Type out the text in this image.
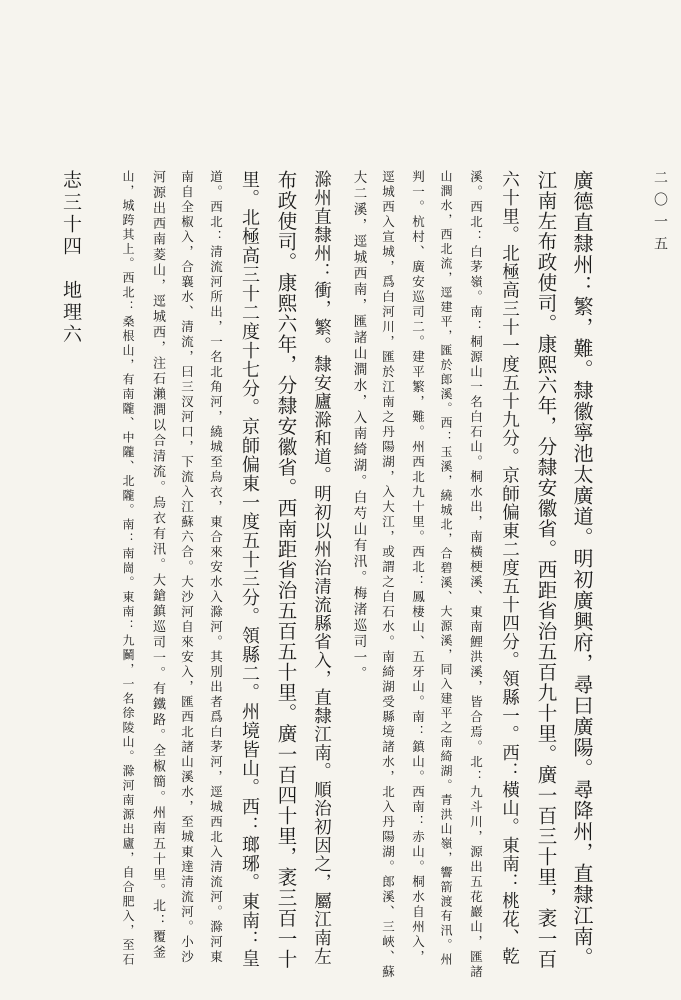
二〇一五
廣德直隸州：繁，難。隸徽寧池太廣道。明初廣興府，尋曰廣陽。尋降州，直隸江南。
江南左布政使司。康熙六年，分隸安徽省。西距省治五百九十里。廣一百三十里，袤一百
六十里。北極高三十一度五十九分。京師偏東二度五十四分。領縣一。西：橫山。東南：桃花、乾
溪。西北：白茅嶺。南：桐源山一名白石山。桐水出，南橫梗溪、東南鯉洪溪，皆合焉。北：九斗川，源出五花巖山，匯諸
山澗水，西北流，逕建平，匯於郎溪。西：玉溪，繞城北，合碧溪、大源溪，同入建平之南綺湖。青洪山嶺，響箭渡有汛。州
判一。杭村、廣安巡司二。建平繁，難。州西北九十里。西北：鳳棲山、五牙山。南：鎮山。西南：赤山。桐水自州入，
逕城西入宣城，爲白河川，匯於江南之丹陽湖，入大江，或謂之白石水。南綺湖受縣境諸水，北入丹陽湖。郎溪、三峽、蘇
大二溪，逕城西南，匯諸山澗水，入南綺湖。白芍山有汛。梅渚巡司一。
滁州直隸州：衝，繁。隸安廬滁和道。明初以州治清流縣省入，直隸江南。順治初因之，屬江南左
布政使司。康熙六年，分隸安徽省。西南距省治五百五十里。廣一百四十里，袤三百一十
里。北極高三十二度十七分。京師偏東一度五十三分。領縣二。州境皆山。西：瑯琊。東南：皇
道。西北：清流河所出，一名北角河，繞城至烏衣，東合來安水入滁河。其別出者爲白茅河，逕城西北入清流河。滁河東
南自全椒入，合襄水、清流，曰三汊河口，下流入江蘇六合。大沙河自來安入，匯西北諸山溪水，至城東達清流河。小沙
河源出西南菱山，逕城西，注石瀨澗以合清流。烏衣有汛。大鎗鎮巡司一。有鐵路。全椒簡。州南五十里。北：覆釜
山，城跨其上。西北：桑根山，有南隴、中隴、北隴。南：南崗。東南：九鬭，一名徐陵山。滁河南源出廬，自合肥入，至石
志三十四　地理六
